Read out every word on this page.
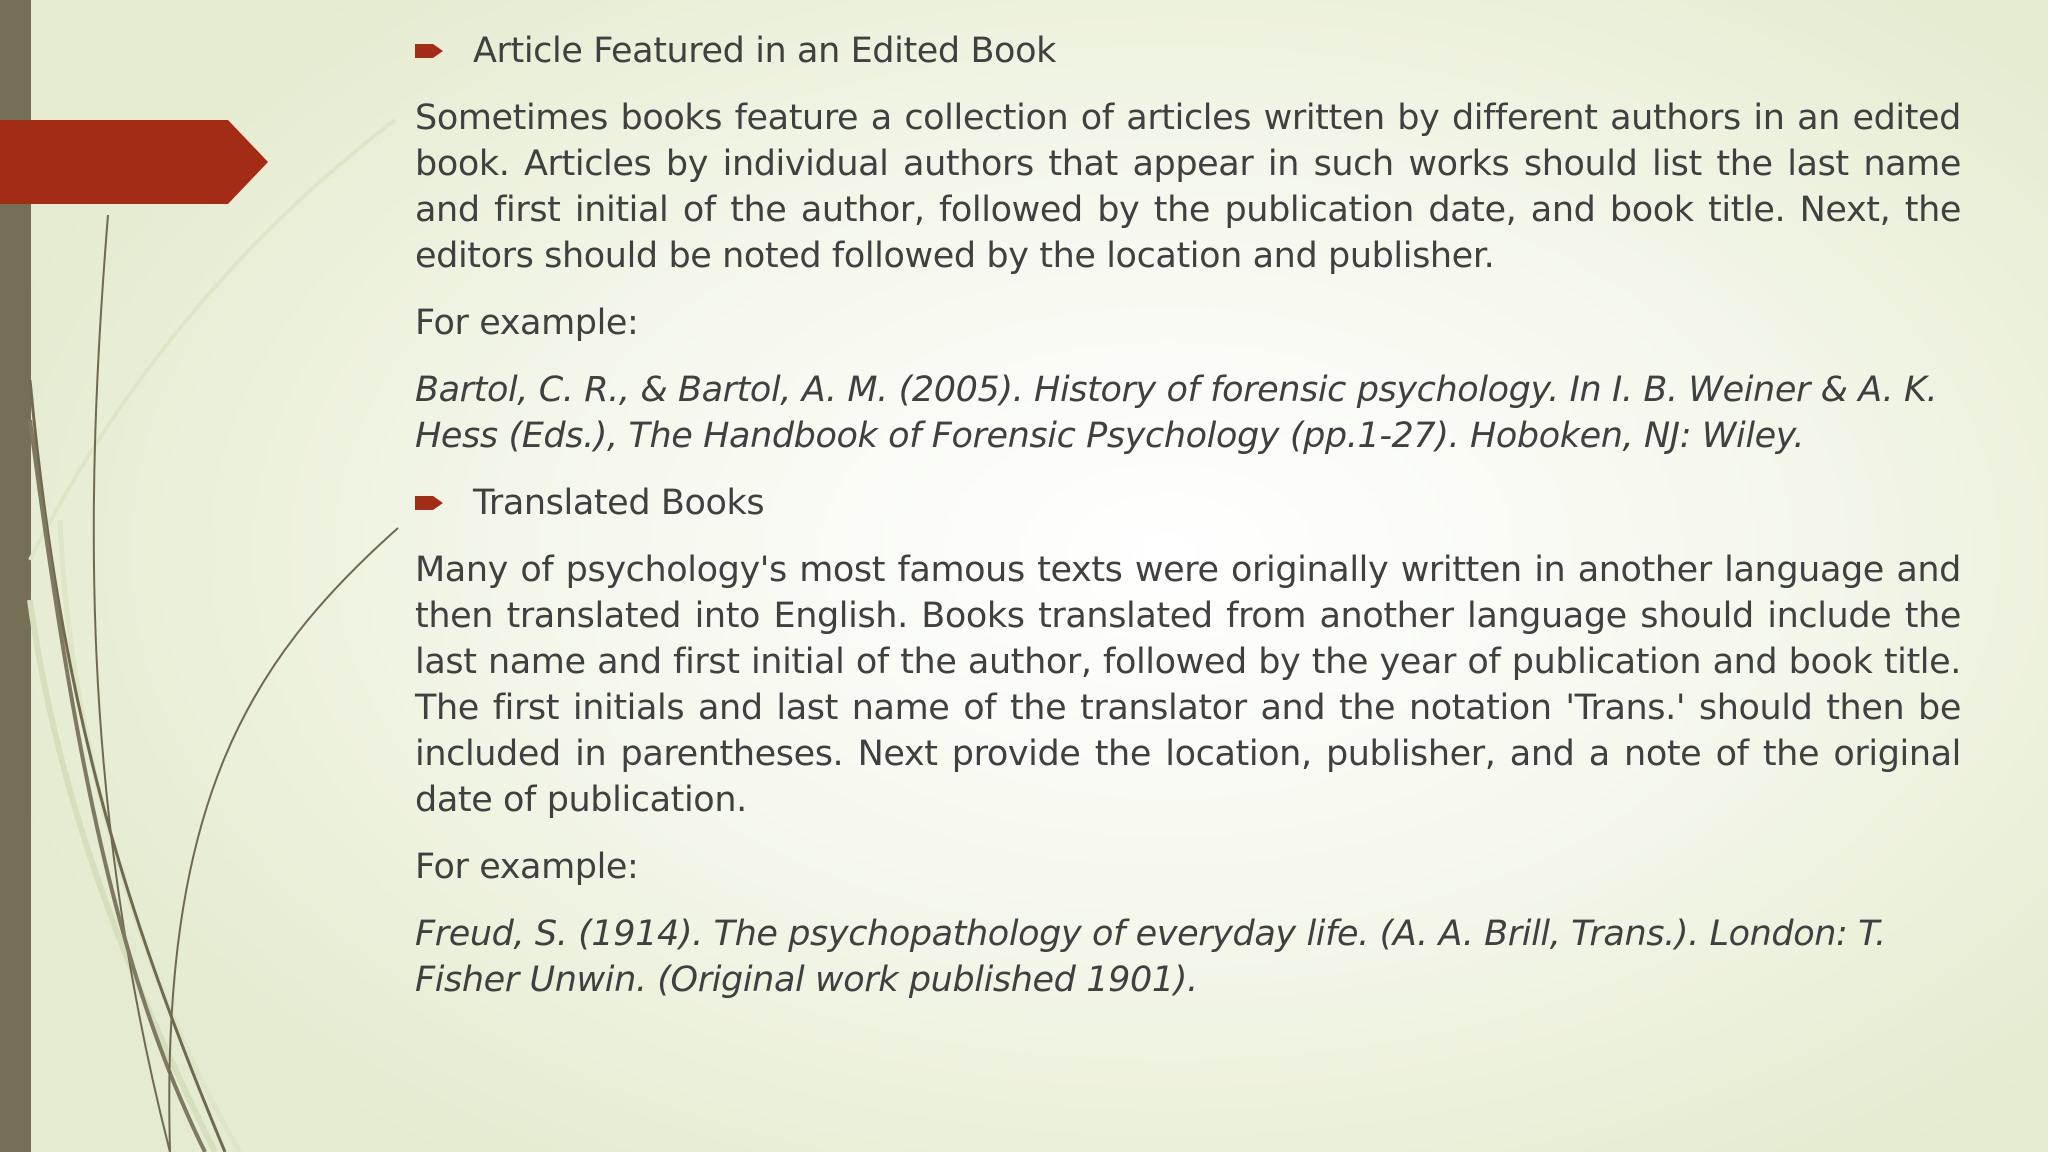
Article Featured in an Edited Book
Sometimes books feature a collection of articles written by different authors in an edited book. Articles by individual authors that appear in such works should list the last name and first initial of the author, followed by the publication date, and book title. Next, the editors should be noted followed by the location and publisher.
For example:
Bartol, C. R., & Bartol, A. M. (2005). History of forensic psychology. In I. B. Weiner & A. K. Hess (Eds.), The Handbook of Forensic Psychology (pp.1-27). Hoboken, NJ: Wiley.
Translated Books
Many of psychology's most famous texts were originally written in another language and then translated into English. Books translated from another language should include the last name and first initial of the author, followed by the year of publication and book title. The first initials and last name of the translator and the notation 'Trans.' should then be included in parentheses. Next provide the location, publisher, and a note of the original date of publication.
For example:
Freud, S. (1914). The psychopathology of everyday life. (A. A. Brill, Trans.). London: T. Fisher Unwin. (Original work published 1901).
